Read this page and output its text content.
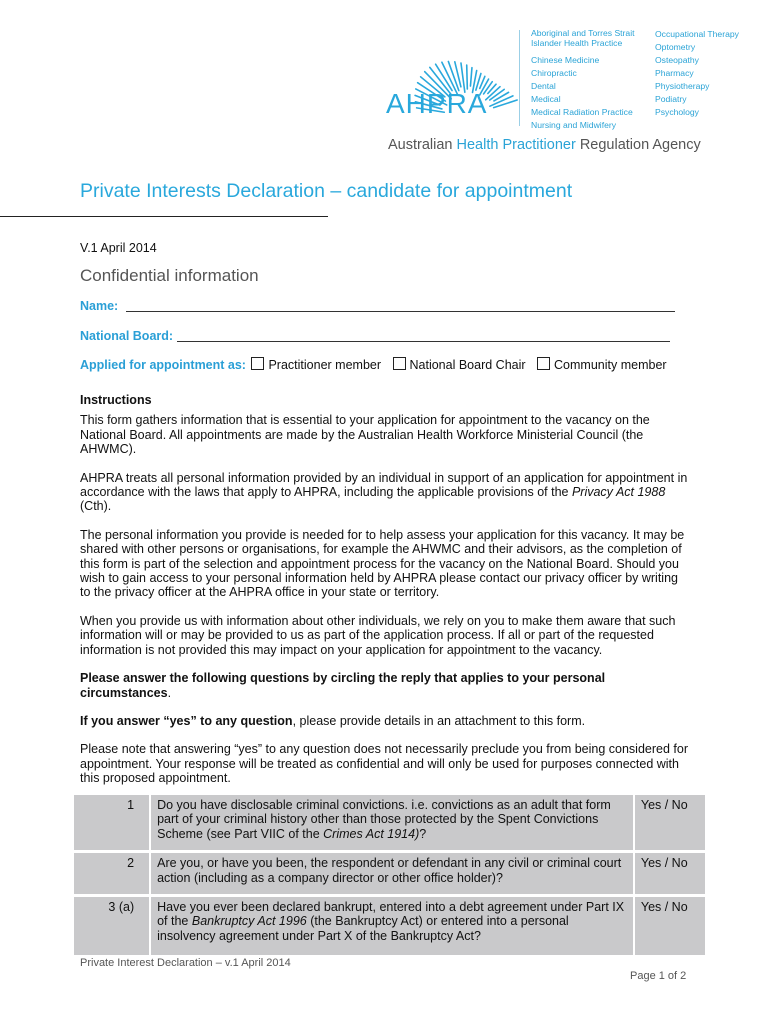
AHPRA
Aboriginal and Torres Strait Islander Health Practice
Chinese Medicine
Chiropractic
Dental
Medical
Medical Radiation Practice
Nursing and Midwifery
Occupational Therapy
Optometry
Osteopathy
Pharmacy
Physiotherapy
Podiatry
Psychology
Australian Health Practitioner Regulation Agency
Private Interests Declaration – candidate for appointment
V.1 April 2014
Confidential information
Name:
National Board:
Applied for appointment as: Practitioner member National Board Chair Community member

Instructions

This form gathers information that is essential to your application for appointment to the vacancy on the National Board. All appointments are made by the Australian Health Workforce Ministerial Council (the AHWMC).

AHPRA treats all personal information provided by an individual in support of an application for appointment in accordance with the laws that apply to AHPRA, including the applicable provisions of the Privacy Act 1988 (Cth).

The personal information you provide is needed for to help assess your application for this vacancy. It may be shared with other persons or organisations, for example the AHWMC and their advisors, as the completion of this form is part of the selection and appointment process for the vacancy on the National Board. Should you wish to gain access to your personal information held by AHPRA please contact our privacy officer by writing to the privacy officer at the AHPRA office in your state or territory.

When you provide us with information about other individuals, we rely on you to make them aware that such information will or may be provided to us as part of the application process. If all or part of the requested information is not provided this may impact on your application for appointment to the vacancy.

Please answer the following questions by circling the reply that applies to your personal circumstances.

If you answer “yes” to any question, please provide details in an attachment to this form.

Please note that answering “yes” to any question does not necessarily preclude you from being considered for appointment. Your response will be treated as confidential and will only be used for purposes connected with this proposed appointment.

1	Do you have disclosable criminal convictions. i.e. convictions as an adult that form part of your criminal history other than those protected by the Spent Convictions Scheme (see Part VIIC of the Crimes Act 1914)?	Yes / No
2	Are you, or have you been, the respondent or defendant in any civil or criminal court action (including as a company director or other office holder)?	Yes / No
3 (a)	Have you ever been declared bankrupt, entered into a debt agreement under Part IX of the Bankruptcy Act 1996 (the Bankruptcy Act) or entered into a personal insolvency agreement under Part X of the Bankruptcy Act?	Yes / No
Private Interest Declaration – v.1 April 2014
Page 1 of 2
